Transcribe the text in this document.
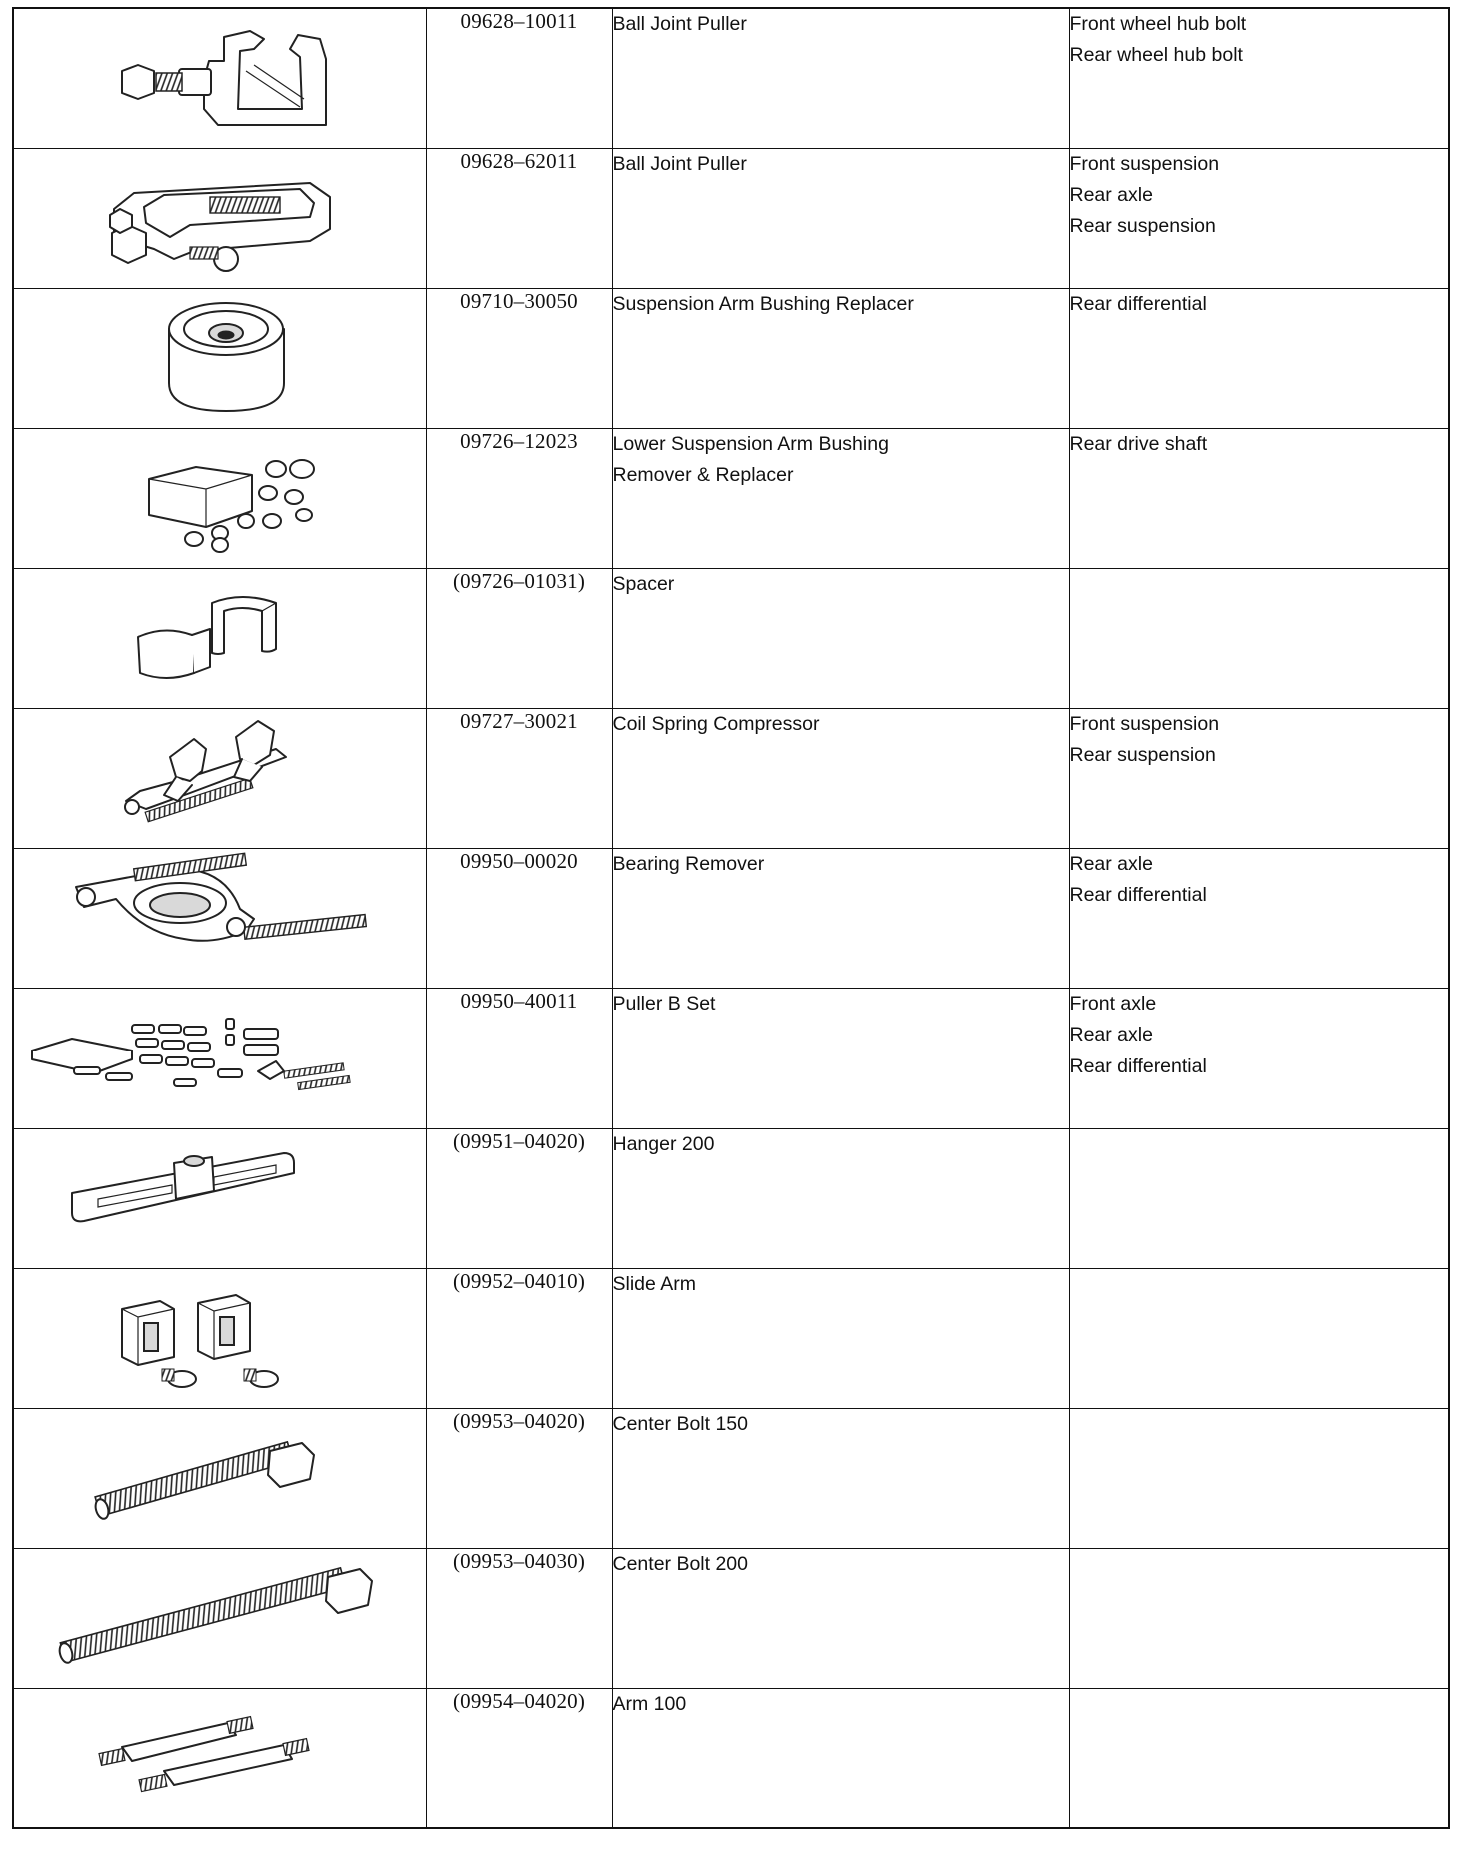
	09628–10011	Ball Joint Puller	Front wheel hub bolt
Rear wheel hub bolt

	09628–62011	Ball Joint Puller	Front suspension
Rear axle
Rear suspension

	09710–30050	Suspension Arm Bushing Replacer	Rear differential

	09726–12023	Lower Suspension Arm Bushing
Remover & Replacer	Rear drive shaft

	(09726–01031)	Spacer	

	09727–30021	Coil Spring Compressor	Front suspension
Rear suspension

	09950–00020	Bearing Remover	Rear axle
Rear differential

	09950–40011	Puller B Set	Front axle
Rear axle
Rear differential

	(09951–04020)	Hanger 200	

	(09952–04010)	Slide Arm	

	(09953–04020)	Center Bolt 150	

	(09953–04030)	Center Bolt 200	

	(09954–04020)	Arm 100	
